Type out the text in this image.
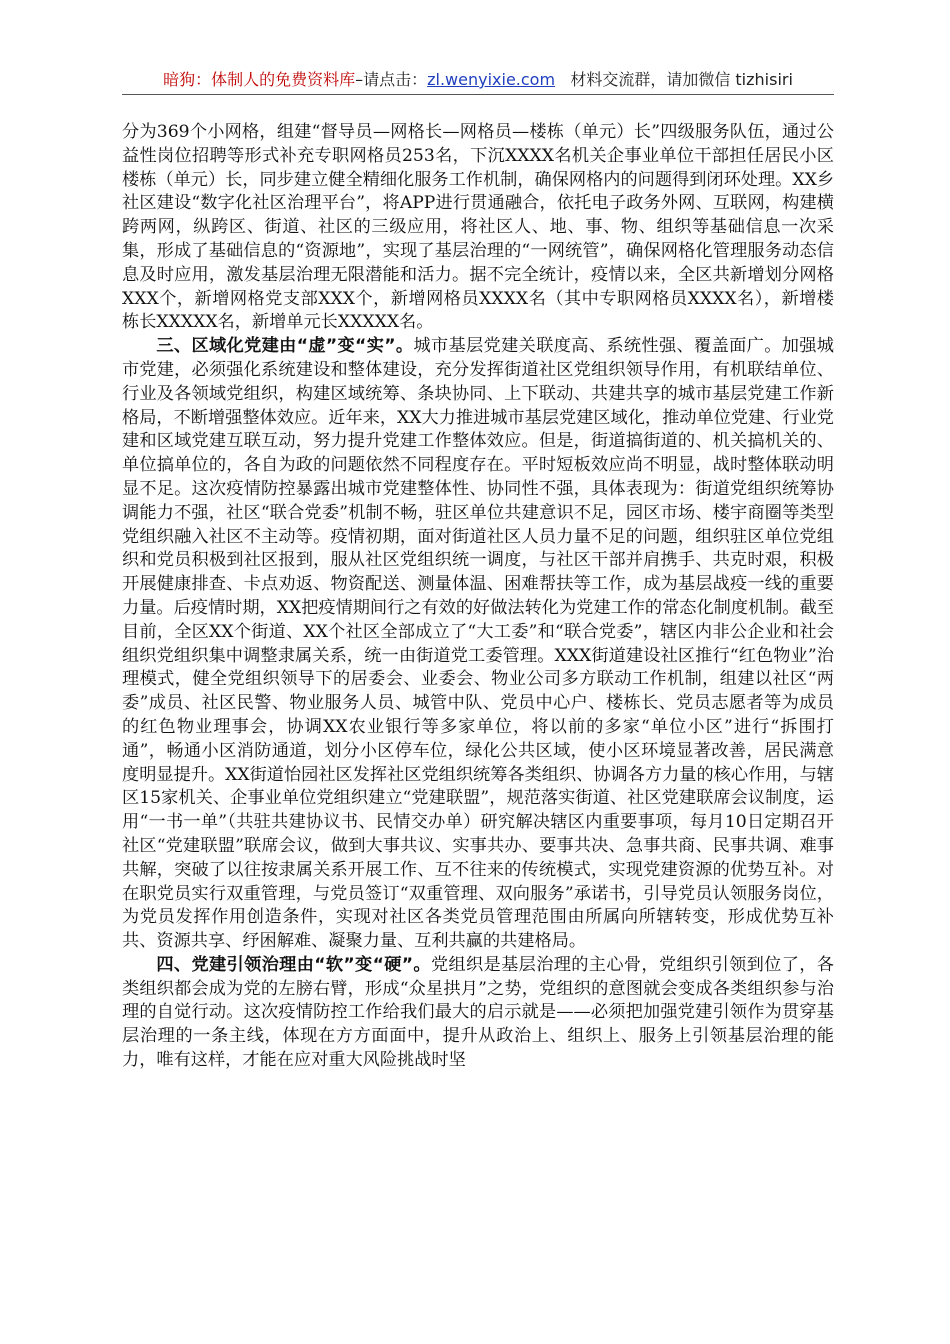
暗狗：体制人的免费资料库–请点击：zl.wenyixie.com 材料交流群，请加微信 tizhisiri

分为369个小网格，组建“督导员—网格长—网格员—楼栋（单元）长”四级服务队伍，通过公益性岗位招聘等形式补充专职网格员253名，下沉XXXX名机关企事业单位干部担任居民小区楼栋（单元）长，同步建立健全精细化服务工作机制，确保网格内的问题得到闭环处理。XX乡社区建设“数字化社区治理平台”，将APP进行贯通融合，依托电子政务外网、互联网，构建横跨两网，纵跨区、街道、社区的三级应用，将社区人、地、事、物、组织等基础信息一次采集，形成了基础信息的“资源地”，实现了基层治理的“一网统管”，确保网格化管理服务动态信息及时应用，激发基层治理无限潜能和活力。据不完全统计，疫情以来，全区共新增划分网格XXX个，新增网格党支部XXX个，新增网格员XXXX名（其中专职网格员XXXX名），新增楼栋长XXXXX名，新增单元长XXXXX名。

三、区域化党建由“虚”变“实”。城市基层党建关联度高、系统性强、覆盖面广。加强城市党建，必须强化系统建设和整体建设，充分发挥街道社区党组织领导作用，有机联结单位、行业及各领域党组织，构建区域统筹、条块协同、上下联动、共建共享的城市基层党建工作新格局，不断增强整体效应。近年来，XX大力推进城市基层党建区域化，推动单位党建、行业党建和区域党建互联互动，努力提升党建工作整体效应。但是，街道搞街道的、机关搞机关的、单位搞单位的，各自为政的问题依然不同程度存在。平时短板效应尚不明显，战时整体联动明显不足。这次疫情防控暴露出城市党建整体性、协同性不强，具体表现为：街道党组织统筹协调能力不强，社区“联合党委”机制不畅，驻区单位共建意识不足，园区市场、楼宇商圈等类型党组织融入社区不主动等。疫情初期，面对街道社区人员力量不足的问题，组织驻区单位党组织和党员积极到社区报到，服从社区党组织统一调度，与社区干部并肩携手、共克时艰，积极开展健康排查、卡点劝返、物资配送、测量体温、困难帮扶等工作，成为基层战疫一线的重要力量。后疫情时期，XX把疫情期间行之有效的好做法转化为党建工作的常态化制度机制。截至目前，全区XX个街道、XX个社区全部成立了“大工委”和“联合党委”，辖区内非公企业和社会组织党组织集中调整隶属关系，统一由街道党工委管理。XXX街道建设社区推行“红色物业”治理模式，健全党组织领导下的居委会、业委会、物业公司多方联动工作机制，组建以社区“两委”成员、社区民警、物业服务人员、城管中队、党员中心户、楼栋长、党员志愿者等为成员的红色物业理事会，协调XX农业银行等多家单位，将以前的多家“单位小区”进行“拆围打通”，畅通小区消防通道，划分小区停车位，绿化公共区域，使小区环境显著改善，居民满意度明显提升。XX街道怡园社区发挥社区党组织统筹各类组织、协调各方力量的核心作用，与辖区15家机关、企事业单位党组织建立“党建联盟”，规范落实街道、社区党建联席会议制度，运用“一书一单”（共驻共建协议书、民情交办单）研究解决辖区内重要事项，每月10日定期召开社区“党建联盟”联席会议，做到大事共议、实事共办、要事共决、急事共商、民事共调、难事共解，突破了以往按隶属关系开展工作、互不往来的传统模式，实现党建资源的优势互补。对在职党员实行双重管理，与党员签订“双重管理、双向服务”承诺书，引导党员认领服务岗位，为党员发挥作用创造条件，实现对社区各类党员管理范围由所属向所辖转变，形成优势互补共、资源共享、纾困解难、凝聚力量、互利共赢的共建格局。

四、党建引领治理由“软”变“硬”。党组织是基层治理的主心骨，党组织引领到位了，各类组织都会成为党的左膀右臂，形成“众星拱月”之势，党组织的意图就会变成各类组织参与治理的自觉行动。这次疫情防控工作给我们最大的启示就是——必须把加强党建引领作为贯穿基层治理的一条主线，体现在方方面面中，提升从政治上、组织上、服务上引领基层治理的能力，唯有这样，才能在应对重大风险挑战时坚
